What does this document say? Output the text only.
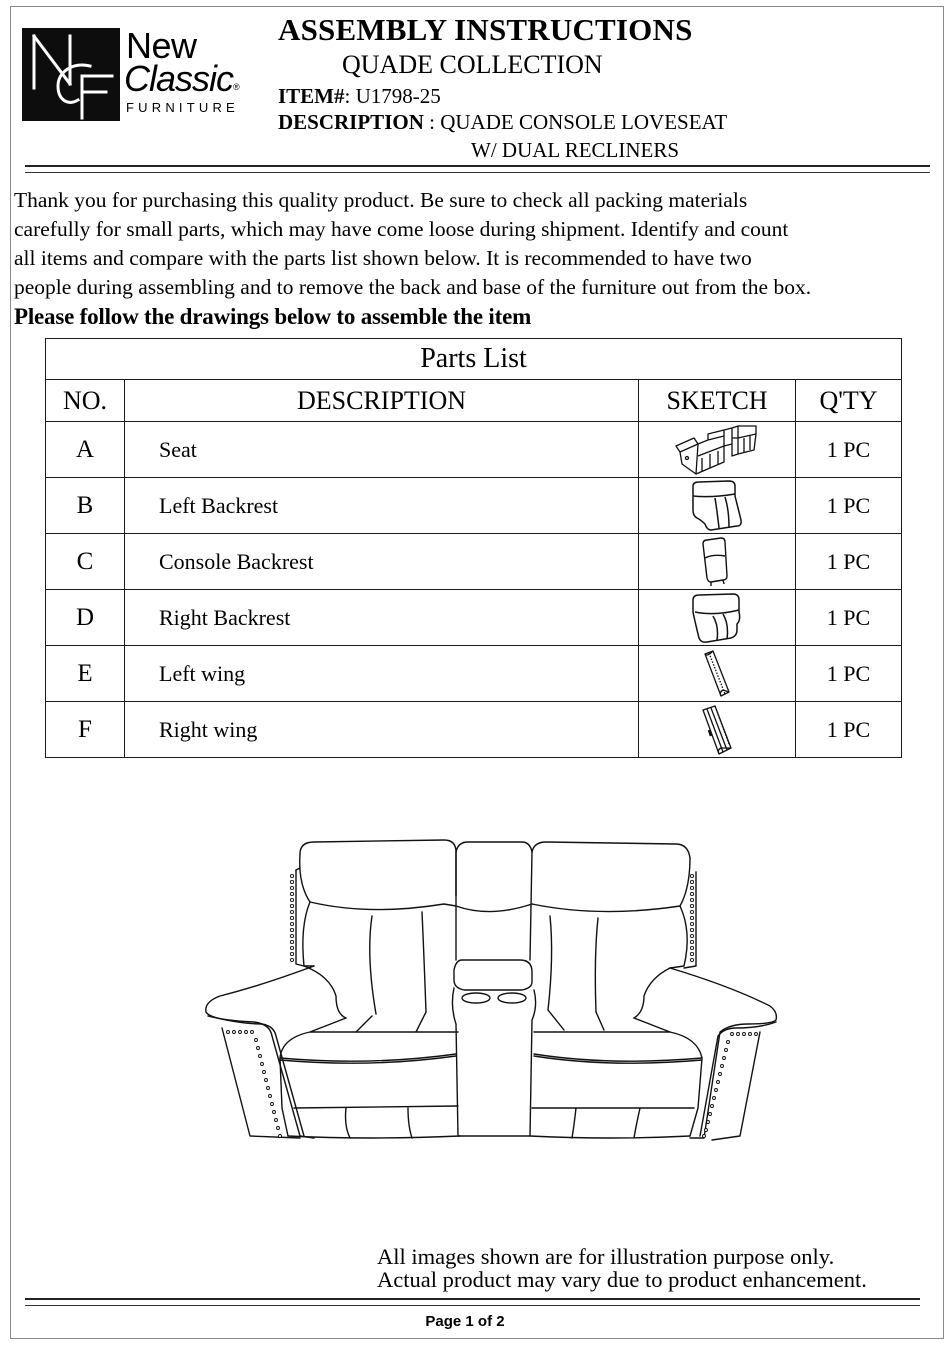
New
Classic®
FURNITURE
ASSEMBLY INSTRUCTIONS
QUADE COLLECTION
ITEM#: U1798-25
DESCRIPTION : QUADE CONSOLE LOVESEAT
W/ DUAL RECLINERS
Thank you for purchasing this quality product. Be sure to check all packing materials
carefully for small parts, which may have come loose during shipment. Identify and count
all items and compare with the parts list shown below. It is recommended to have two
people during assembling and to remove the back and base of the furniture out from the box.
Please follow the drawings below to assemble the item
Parts List			
NO.	DESCRIPTION	SKETCH	Q'TY
A	Seat		1 PC
B	Left Backrest		1 PC
C	Console Backrest		1 PC
D	Right Backrest		1 PC
E	Left wing		1 PC
F	Right wing		1 PC
All images shown are for illustration purpose only.
Actual product may vary due to product enhancement.
Page 1 of 2
